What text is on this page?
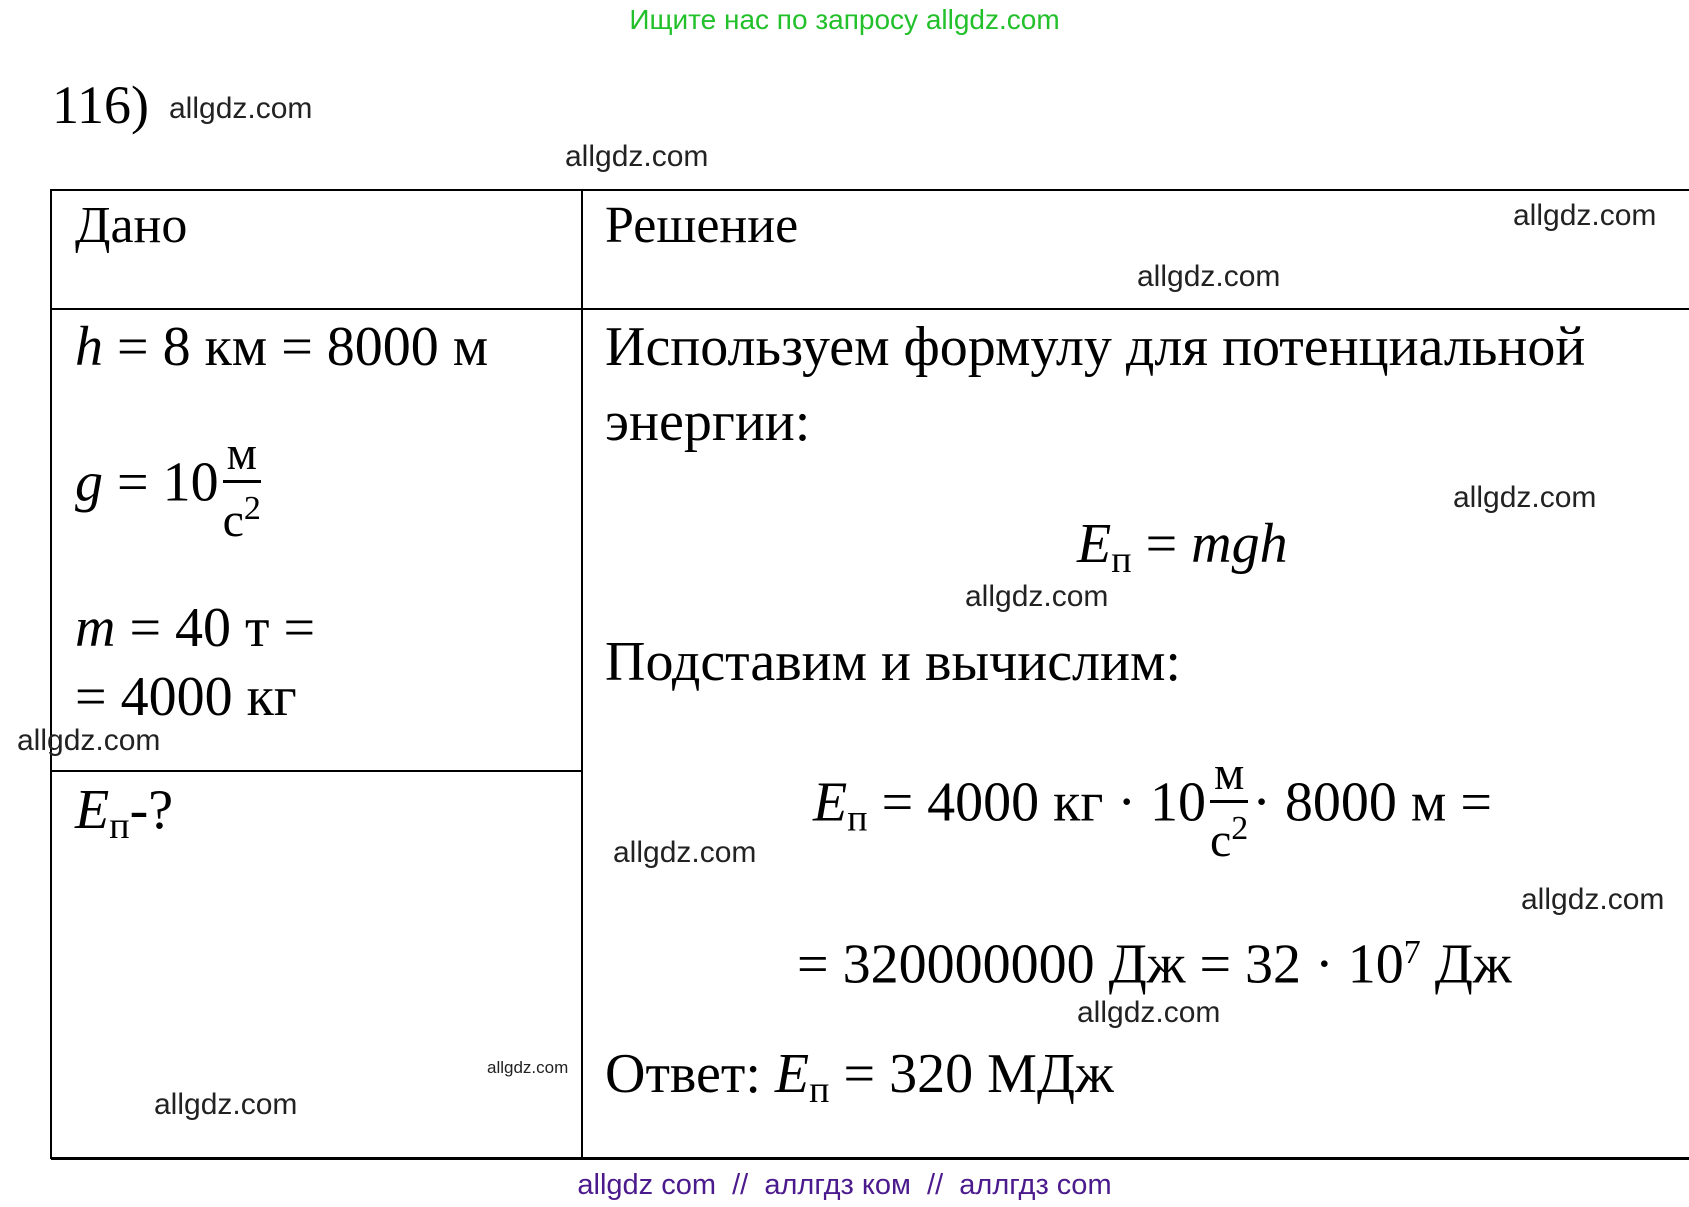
Ищите нас по запросу allgdz.com
116)
Дано	Решение
h = 8 км = 8000 м
$g = 10 \frac{м}{с^2}$
m = 40 т =
= 4000 кг
$E_п-$?
Используем формулу для потенциальной
энергии:
$E_п$ = mgh
Подставим и вычислим:
$E_п = 4000$ кг · $10 \frac{м}{с^2} \cdot 8000$ м =
= 320000000 Дж = $32 \cdot 10^7$ Дж
Ответ: $E_п = 320$ МДж
allgdz.com
allgdz.com
allgdz.com
allgdz.com
allgdz.com
allgdz.com
allgdz.com
allgdz.com
allgdz.com
allgdz.com
allgdz.com
allgdz.com
allgdz com  //  аллгдз ком  //  аллгдз com
